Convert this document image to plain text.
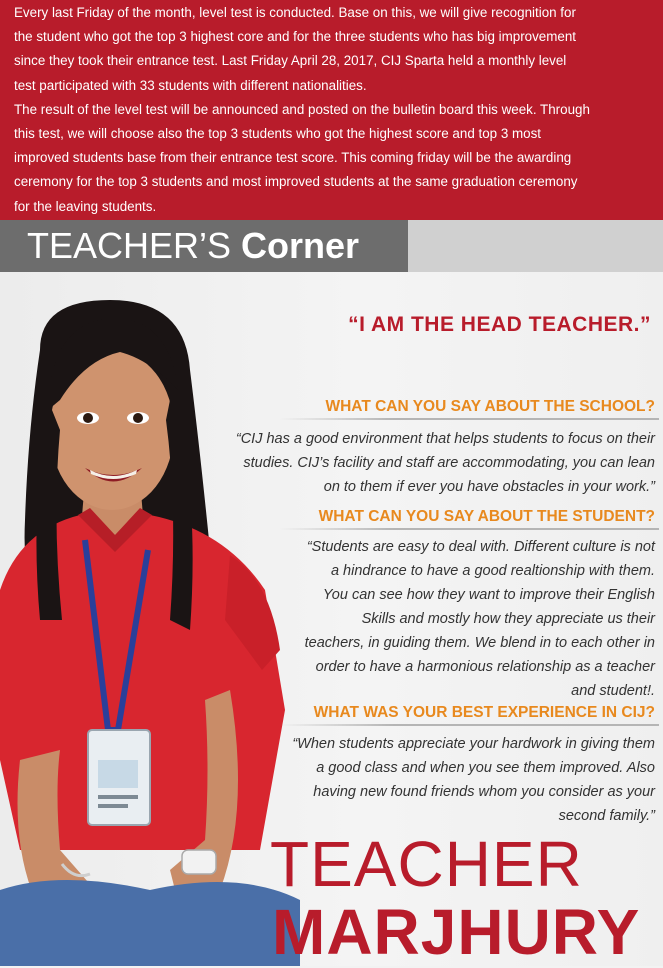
Every last Friday of the month, level test is conducted. Base on this, we will give recognition for
the student who got the top 3 highest core and for the three students who has big improvement
since they took their entrance test. Last Friday April 28, 2017, CIJ Sparta held a monthly level
test participated with 33 students with different nationalities.

The result of the level test will be announced and posted on the bulletin board this week. Through
this test, we will choose also the top 3 students who got the highest score and top 3 most
improved students base from their entrance test score. This coming friday will be the awarding
ceremony for the top 3 students and most improved students at the same graduation ceremony
for the leaving students.

TEACHER’S Corner
“I AM THE HEAD TEACHER.”
WHAT CAN YOU SAY ABOUT THE SCHOOL?
“CIJ has a good environment that helps students to focus on their
studies. CIJ’s facility and staff are accommodating, you can lean
on to them if ever you have obstacles in your work.”
WHAT CAN YOU SAY ABOUT THE STUDENT?
“Students are easy to deal with. Different culture is not
a hindrance to have a good realtionship with them.
You can see how they want to improve their English
Skills and mostly how they appreciate us their
teachers, in guiding them. We blend in to each other in
order to have a harmonious relationship as a teacher
and student!.
WHAT WAS YOUR BEST EXPERIENCE IN CIJ?
“When students appreciate your hardwork in giving them
a good class and when you see them improved. Also
having new found friends whom you consider as your
second family.”
TEACHER
MARJHURY
